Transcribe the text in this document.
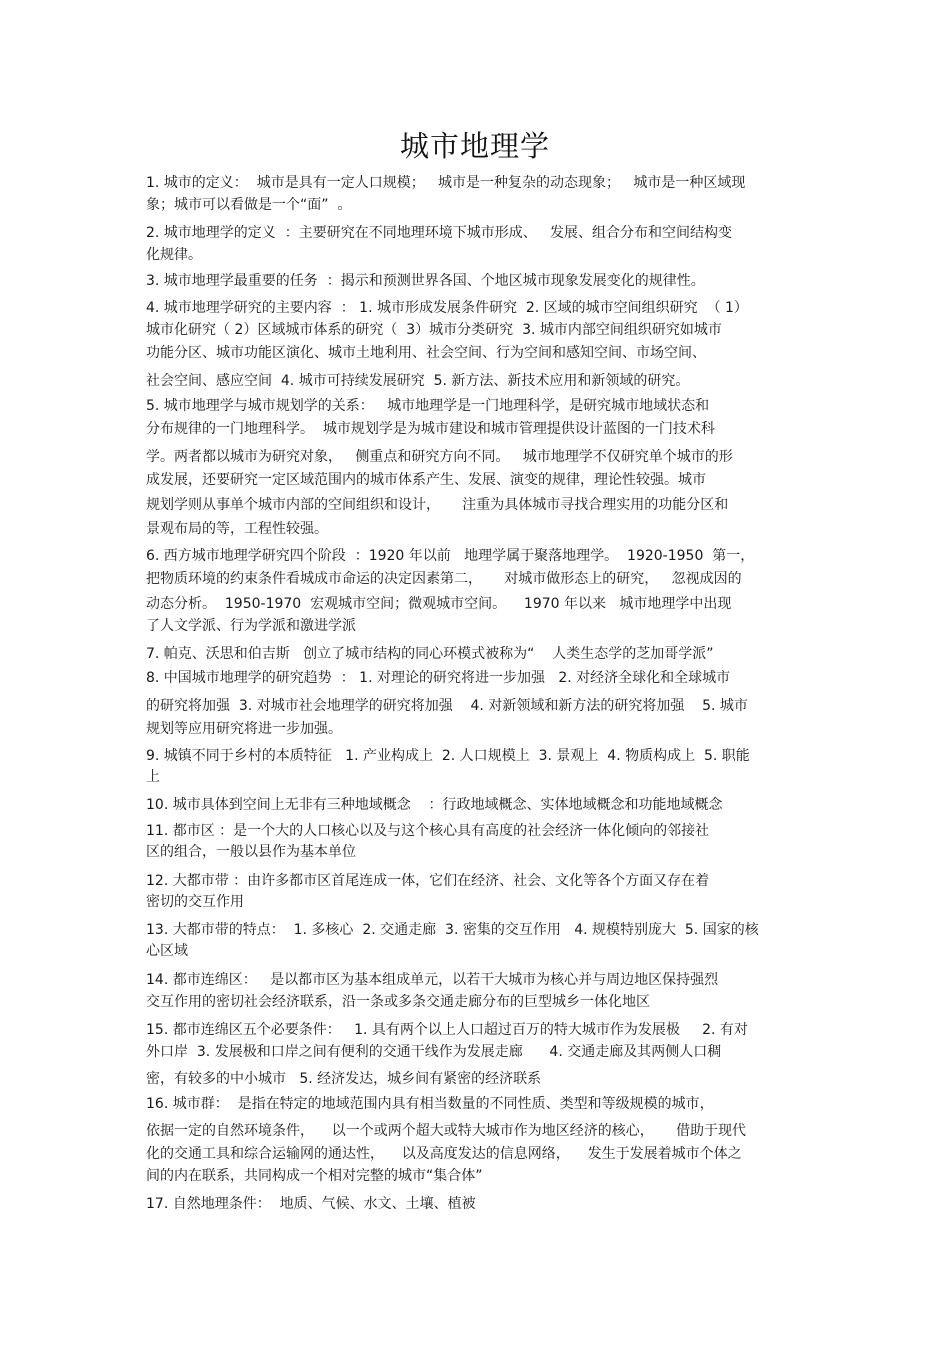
城市地理学
1. 城市的定义：  城市是具有一定人口规模；   城市是一种复杂的动态现象；   城市是一种区域现
象；城市可以看做是一个“面”  。
2. 城市地理学的定义  ：主要研究在不同地理环境下城市形成、   发展、组合分布和空间结构变
化规律。
3. 城市地理学最重要的任务  ：揭示和预测世界各国、个地区城市现象发展变化的规律性。
4. 城市地理学研究的主要内容  ： 1. 城市形成发展条件研究  2. 区域的城市空间组织研究  （ 1）
城市化研究（ 2）区域城市体系的研究（  3）城市分类研究  3. 城市内部空间组织研究如城市
功能分区、城市功能区演化、城市土地利用、社会空间、行为空间和感知空间、市场空间、
社会空间、感应空间  4. 城市可持续发展研究  5. 新方法、新技术应用和新领域的研究。
5. 城市地理学与城市规划学的关系：   城市地理学是一门地理科学，是研究城市地域状态和
分布规律的一门地理科学。  城市规划学是为城市建设和城市管理提供设计蓝图的一门技术科
学。两者都以城市为研究对象，   侧重点和研究方向不同。   城市地理学不仅研究单个城市的形
成发展，还要研究一定区域范围内的城市体系产生、发展、演变的规律，理论性较强。城市
规划学则从事单个城市内部的空间组织和设计，     注重为具体城市寻找合理实用的功能分区和
景观布局的等，工程性较强。
6. 西方城市地理学研究四个阶段  ：1920 年以前   地理学属于聚落地理学。  1920-1950  第一，
把物质环境的约束条件看城成市命运的决定因素第二，     对城市做形态上的研究，   忽视成因的
动态分析。  1950-1970  宏观城市空间；微观城市空间。    1970 年以来   城市地理学中出现
了人文学派、行为学派和激进学派
7. 帕克、沃思和伯吉斯   创立了城市结构的同心环模式被称为“    人类生态学的芝加哥学派”
8. 中国城市地理学的研究趋势  ： 1. 对理论的研究将进一步加强   2. 对经济全球化和全球城市
的研究将加强  3. 对城市社会地理学的研究将加强    4. 对新领域和新方法的研究将加强    5. 城市
规划等应用研究将进一步加强。
9. 城镇不同于乡村的本质特征   1. 产业构成上  2. 人口规模上  3. 景观上  4. 物质构成上  5. 职能
上
10. 城市具体到空间上无非有三种地域概念    ：行政地域概念、实体地域概念和功能地域概念
11. 都市区 ：是一个大的人口核心以及与这个核心具有高度的社会经济一体化倾向的邻接社
区的组合，一般以县作为基本单位
12. 大都市带 ：由许多都市区首尾连成一体，它们在经济、社会、文化等各个方面又存在着
密切的交互作用
13. 大都市带的特点：  1. 多核心  2. 交通走廊  3. 密集的交互作用   4. 规模特别庞大  5. 国家的核
心区域
14. 都市连绵区：   是以都市区为基本组成单元，以若干大城市为核心并与周边地区保持强烈
交互作用的密切社会经济联系，沿一条或多条交通走廊分布的巨型城乡一体化地区
15. 都市连绵区五个必要条件：   1. 具有两个以上人口超过百万的特大城市作为发展极     2. 有对
外口岸  3. 发展极和口岸之间有便利的交通干线作为发展走廊      4. 交通走廊及其两侧人口稠
密，有较多的中小城市   5. 经济发达，城乡间有紧密的经济联系
16. 城市群：  是指在特定的地域范围内具有相当数量的不同性质、类型和等级规模的城市，
依据一定的自然环境条件，    以一个或两个超大或特大城市作为地区经济的核心，     借助于现代
化的交通工具和综合运输网的通达性，    以及高度发达的信息网络，    发生于发展着城市个体之
间的内在联系，共同构成一个相对完整的城市“集合体”
17. 自然地理条件：  地质、气候、水文、土壤、植被
